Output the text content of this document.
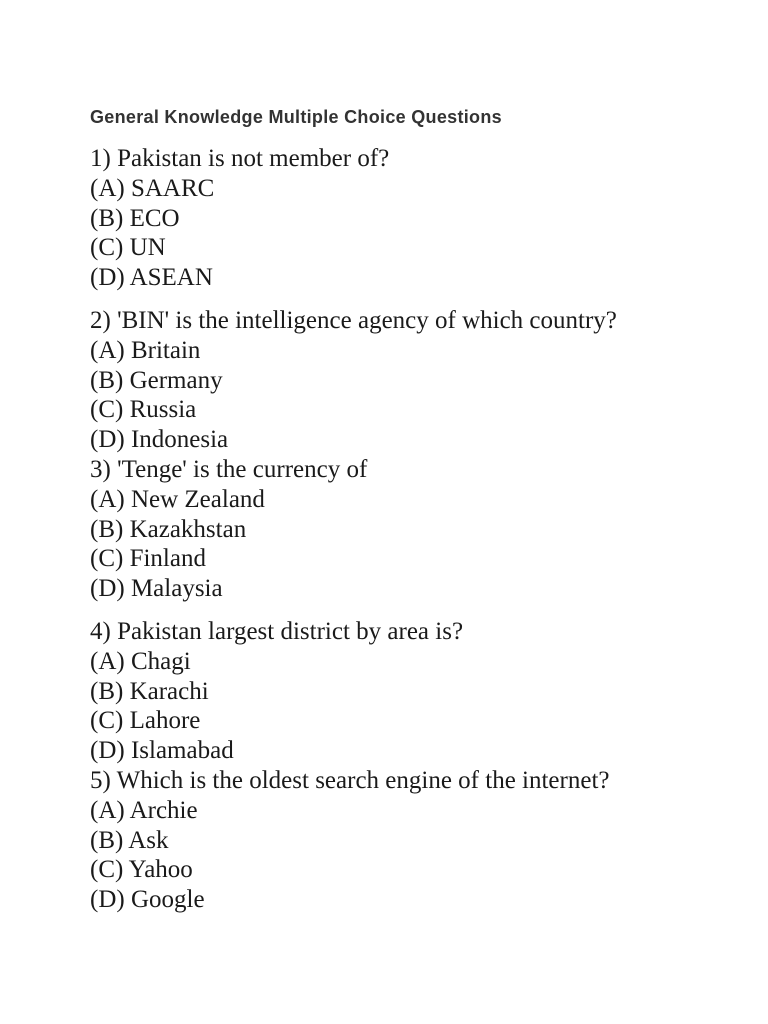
General Knowledge Multiple Choice Questions
1) Pakistan is not member of?
(A) SAARC
(B) ECO
(C) UN
(D) ASEAN
2) 'BIN' is the intelligence agency of which country?
(A) Britain
(B) Germany
(C) Russia
(D) Indonesia
3) 'Tenge' is the currency of
(A) New Zealand
(B) Kazakhstan
(C) Finland
(D) Malaysia
4) Pakistan largest district by area is?
(A) Chagi
(B) Karachi
(C) Lahore
(D) Islamabad
5) Which is the oldest search engine of the internet?
(A) Archie
(B) Ask
(C) Yahoo
(D) Google
